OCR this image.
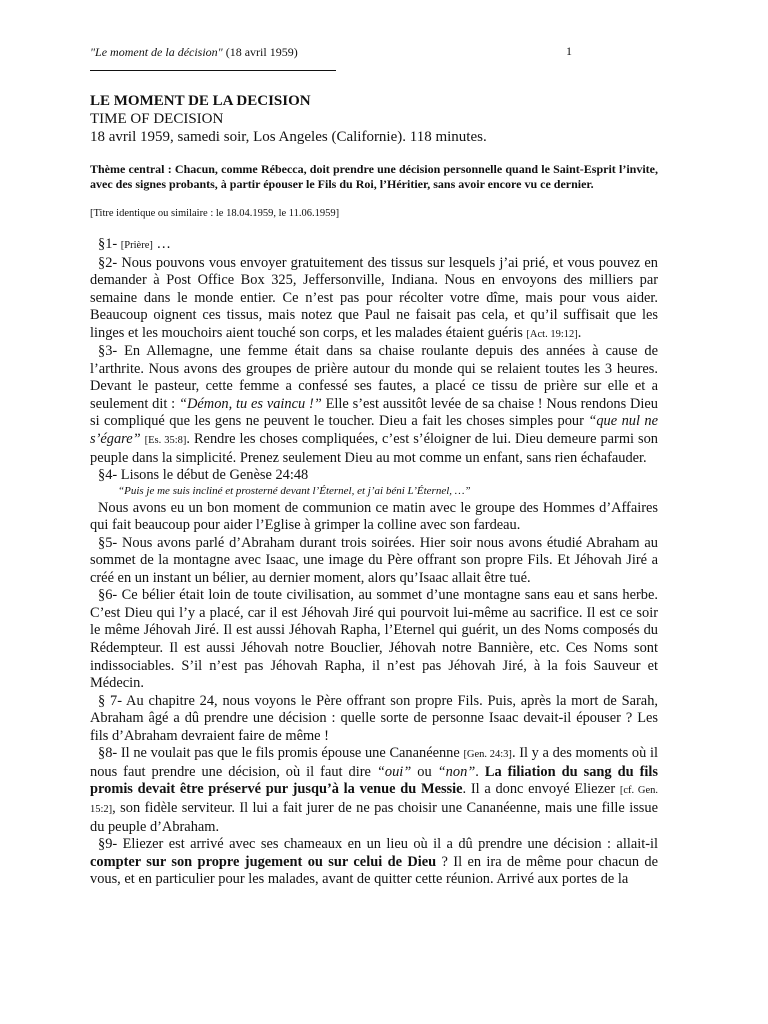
"Le moment de la décision" (18 avril 1959)	1
LE MOMENT DE LA DECISION
TIME OF DECISION
18 avril 1959, samedi soir, Los Angeles (Californie). 118 minutes.
Thème central : Chacun, comme Rébecca, doit prendre une décision personnelle quand le Saint-Esprit l’invite, avec des signes probants, à partir épouser le Fils du Roi, l’Héritier, sans avoir encore vu ce dernier.
[Titre identique ou similaire : le 18.04.1959, le 11.06.1959]

§1- [Prière] …

§2- Nous pouvons vous envoyer gratuitement des tissus sur lesquels j’ai prié, et vous pouvez en demander à Post Office Box 325, Jeffersonville, Indiana. Nous en envoyons des milliers par semaine dans le monde entier. Ce n’est pas pour récolter votre dîme, mais pour vous aider. Beaucoup oignent ces tissus, mais notez que Paul ne faisait pas cela, et qu’il suffisait que les linges et les mouchoirs aient touché son corps, et les malades étaient guéris [Act. 19:12].

§3- En Allemagne, une femme était dans sa chaise roulante depuis des années à cause de l’arthrite. Nous avons des groupes de prière autour du monde qui se relaient toutes les 3 heures. Devant le pasteur, cette femme a confessé ses fautes, a placé ce tissu de prière sur elle et a seulement dit : “Démon, tu es vaincu !” Elle s’est aussitôt levée de sa chaise ! Nous rendons Dieu si compliqué que les gens ne peuvent le toucher. Dieu a fait les choses simples pour “que nul ne s’égare” [Es. 35:8]. Rendre les choses compliquées, c’est s’éloigner de lui. Dieu demeure parmi son peuple dans la simplicité. Prenez seulement Dieu au mot comme un enfant, sans rien échafauder.

§4- Lisons le début de Genèse 24:48

“Puis je me suis incliné et prosterné devant l’Éternel, et j’ai béni L’Éternel, …”

Nous avons eu un bon moment de communion ce matin avec le groupe des Hommes d’Affaires qui fait beaucoup pour aider l’Eglise à grimper la colline avec son fardeau.

§5- Nous avons parlé d’Abraham durant trois soirées. Hier soir nous avons étudié Abraham au sommet de la montagne avec Isaac, une image du Père offrant son propre Fils. Et Jéhovah Jiré a créé en un instant un bélier, au dernier moment, alors qu’Isaac allait être tué.

§6- Ce bélier était loin de toute civilisation, au sommet d’une montagne sans eau et sans herbe. C’est Dieu qui l’y a placé, car il est Jéhovah Jiré qui pourvoit lui-même au sacrifice. Il est ce soir le même Jéhovah Jiré. Il est aussi Jéhovah Rapha, l’Eternel qui guérit, un des Noms composés du Rédempteur. Il est aussi Jéhovah notre Bouclier, Jéhovah notre Bannière, etc. Ces Noms sont indissociables. S’il n’est pas Jéhovah Rapha, il n’est pas Jéhovah Jiré, à la fois Sauveur et Médecin.

§ 7- Au chapitre 24, nous voyons le Père offrant son propre Fils. Puis, après la mort de Sarah, Abraham âgé a dû prendre une décision : quelle sorte de personne Isaac devait-il épouser ? Les fils d’Abraham devraient faire de même !

§8- Il ne voulait pas que le fils promis épouse une Cananéenne [Gen. 24:3]. Il y a des moments où il nous faut prendre une décision, où il faut dire “oui” ou “non”. La filiation du sang du fils promis devait être préservé pur jusqu’à la venue du Messie. Il a donc envoyé Eliezer [cf. Gen. 15:2], son fidèle serviteur. Il lui a fait jurer de ne pas choisir une Cananéenne, mais une fille issue du peuple d’Abraham.

§9- Eliezer est arrivé avec ses chameaux en un lieu où il a dû prendre une décision : allait-il compter sur son propre jugement ou sur celui de Dieu ? Il en ira de même pour chacun de vous, et en particulier pour les malades, avant de quitter cette réunion. Arrivé aux portes de la
